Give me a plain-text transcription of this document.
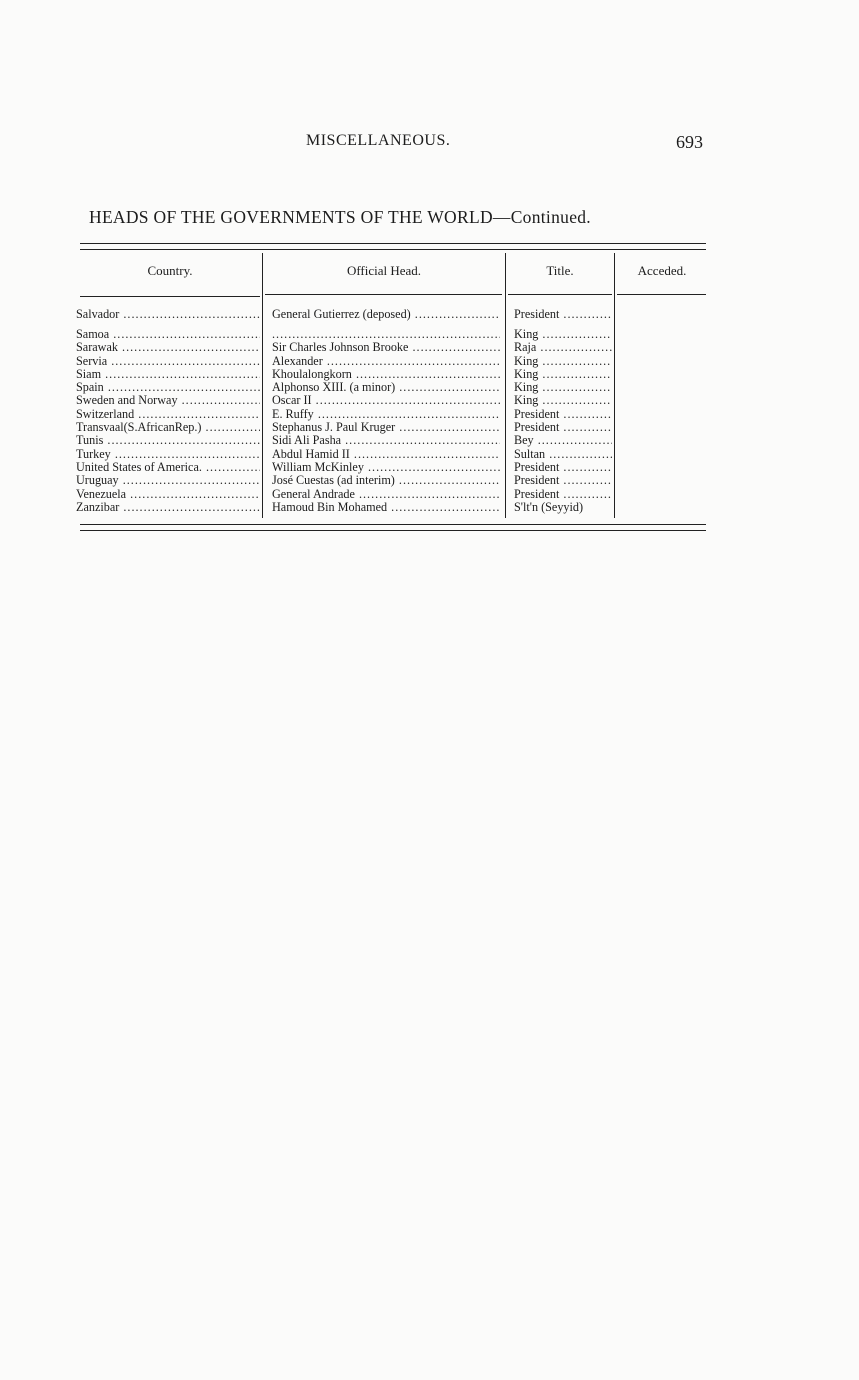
MISCELLANEOUS.	693
HEADS OF THE GOVERNMENTS OF THE WORLD—Continued.
Country.	Official Head.	Title.	Acceded.
Salvador .....	General Gutierrez (deposed) .....	President .....
Samoa .....
.....	King .....
Sarawak .....	Sir Charles Johnson Brooke .....	Raja .....
Servia .....	Alexander .....	King .....
Siam .....	Khoulalongkorn .....	King .....
Spain .....	Alphonso XIII. (a minor) .....	King .....
Sweden and Norway .....	Oscar II .....	King .....
Switzerland .....	E. Ruffy .....	President .....
Transvaal(S.AfricanRep.) .....	Stephanus J. Paul Kruger .....	President .....
Tunis .....	Sidi Ali Pasha .....	Bey .....
Turkey .....	Abdul Hamid II .....	Sultan .....
United States of America. .....	William McKinley .....	President .....
Uruguay .....	José Cuestas (ad interim) .....	President .....
Venezuela .....	General Andrade .....	President .....
Zanzibar .....	Hamoud Bin Mohamed .....	S'lt'n (Seyyid)
